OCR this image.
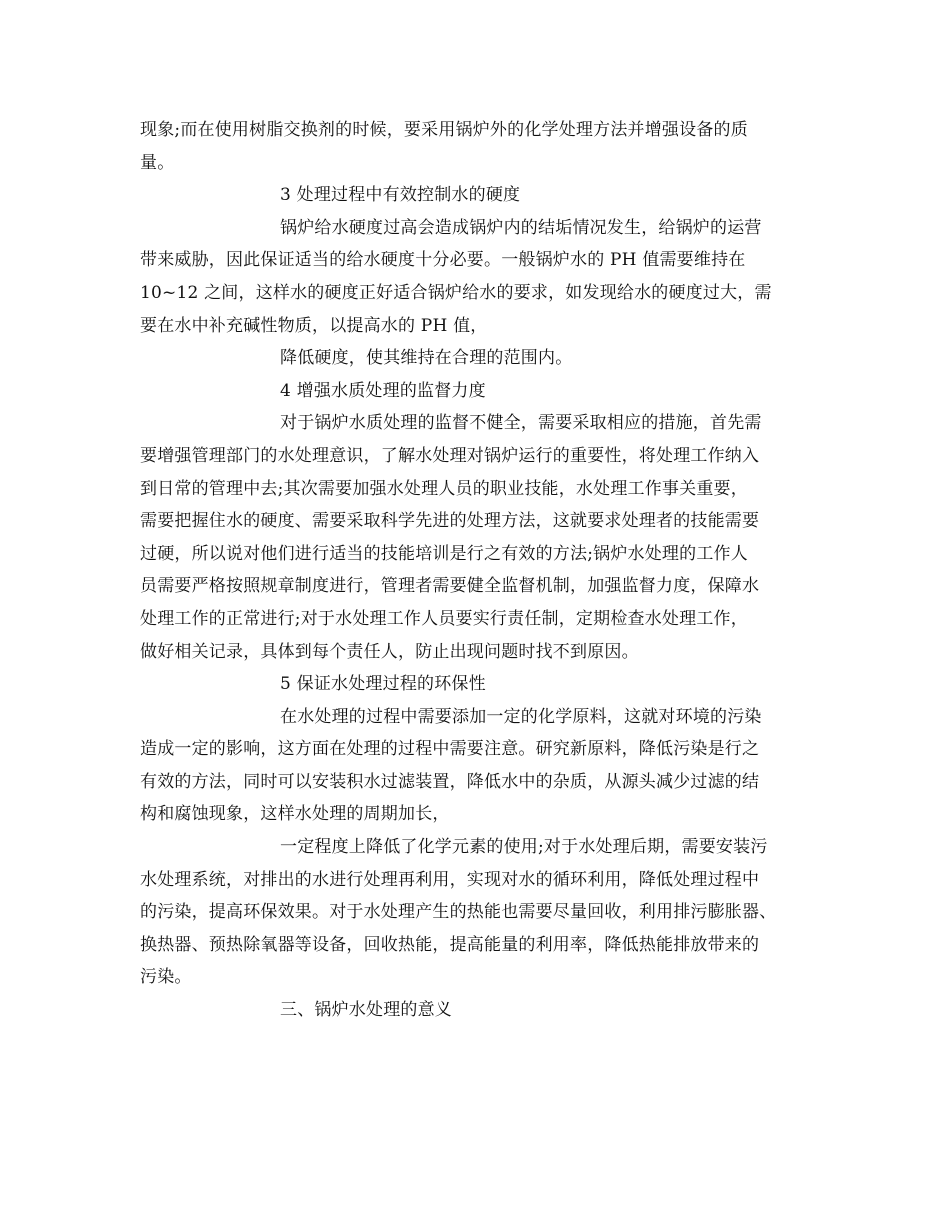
现象;而在使用树脂交换剂的时候，要采用锅炉外的化学处理方法并增强设备的质
量。
3 处理过程中有效控制水的硬度
锅炉给水硬度过高会造成锅炉内的结垢情况发生，给锅炉的运营
带来威胁，因此保证适当的给水硬度十分必要。一般锅炉水的 PH 值需要维持在
10~12 之间，这样水的硬度正好适合锅炉给水的要求，如发现给水的硬度过大，需
要在水中补充碱性物质，以提高水的 PH 值，
降低硬度，使其维持在合理的范围内。
4 增强水质处理的监督力度
对于锅炉水质处理的监督不健全，需要采取相应的措施，首先需
要增强管理部门的水处理意识，了解水处理对锅炉运行的重要性，将处理工作纳入
到日常的管理中去;其次需要加强水处理人员的职业技能，水处理工作事关重要，
需要把握住水的硬度、需要采取科学先进的处理方法，这就要求处理者的技能需要
过硬，所以说对他们进行适当的技能培训是行之有效的方法;锅炉水处理的工作人
员需要严格按照规章制度进行，管理者需要健全监督机制，加强监督力度，保障水
处理工作的正常进行;对于水处理工作人员要实行责任制，定期检查水处理工作，
做好相关记录，具体到每个责任人，防止出现问题时找不到原因。
5 保证水处理过程的环保性
在水处理的过程中需要添加一定的化学原料，这就对环境的污染
造成一定的影响，这方面在处理的过程中需要注意。研究新原料，降低污染是行之
有效的方法，同时可以安装积水过滤装置，降低水中的杂质，从源头减少过滤的结
构和腐蚀现象，这样水处理的周期加长，
一定程度上降低了化学元素的使用;对于水处理后期，需要安装污
水处理系统，对排出的水进行处理再利用，实现对水的循环利用，降低处理过程中
的污染，提高环保效果。对于水处理产生的热能也需要尽量回收，利用排污膨胀器、
换热器、预热除氧器等设备，回收热能，提高能量的利用率，降低热能排放带来的
污染。
三、锅炉水处理的意义
